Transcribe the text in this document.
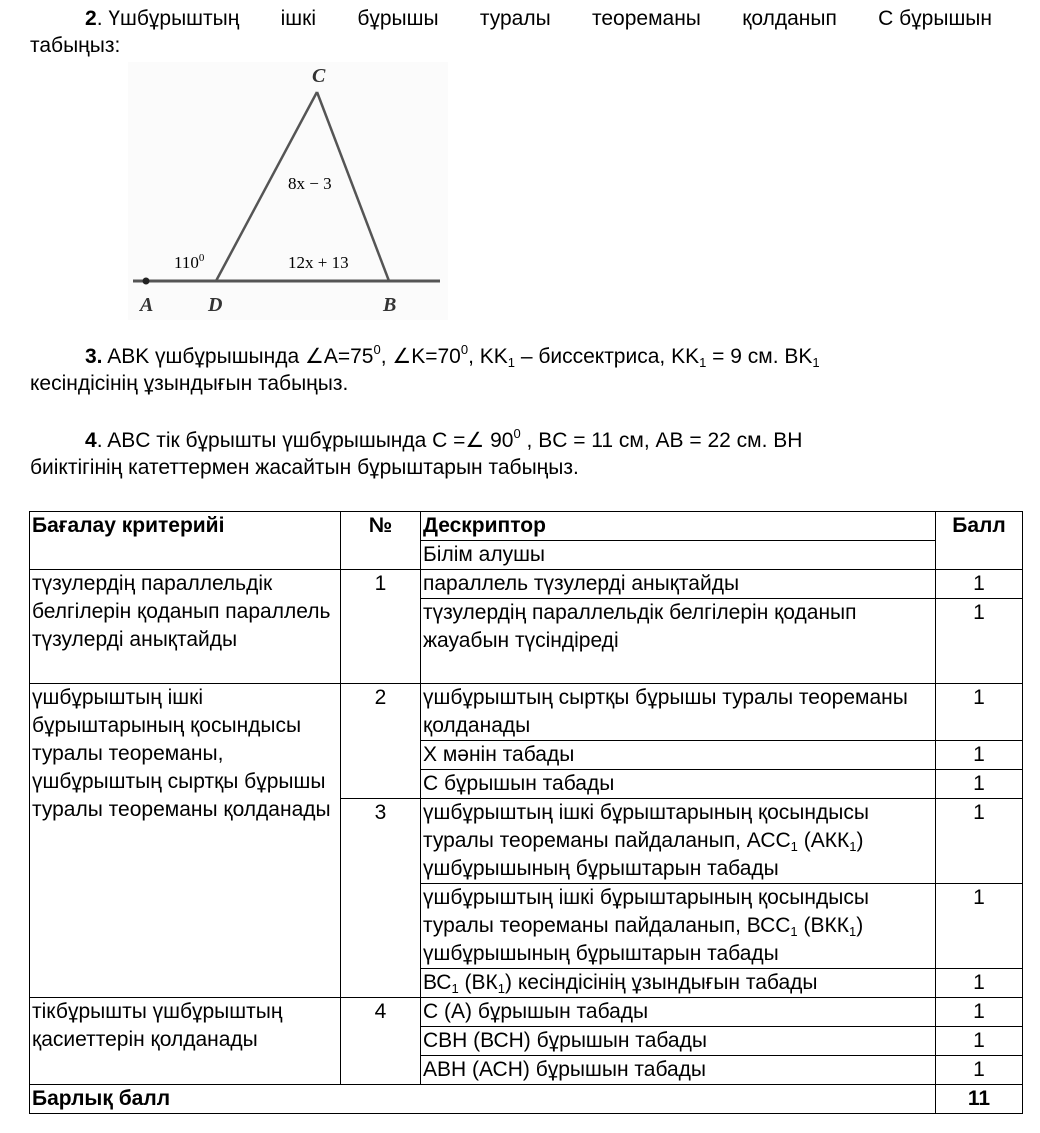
2. Үшбұрыштың ішкі бұрышы туралы теореманы қолданып C бұрышын
табыңыз:
C
A	D	B
8x − 3
12x + 13
$110^0$
3. ABK үшбұрышында $\angle A=75^0$, $\angle K=70^0$, $KK_1$ – биссектриса, $KK_1 = 9$ см. $BK_1$
кесіндісінің ұзындығын табыңыз.
4. ABC тік бұрышты үшбұрышында C =∠ $90^0$ , BC = 11 см, AB = 22 см. BH
биіктігінің катеттермен жасайтын бұрыштарын табыңыз.
Бағалау критерийі	№	Дескриптор	Балл
		Білім алушы	
түзулердің параллельдік белгілерін қоданып параллель түзулерді анықтайды	1	параллель түзулерді анықтайды	1
		түзулердің параллельдік белгілерін қоданып жауабын түсіндіреді	1
үшбұрыштың ішкі бұрыштарының қосындысы туралы теореманы, үшбұрыштың сыртқы бұрышы туралы теореманы қолданады	2	үшбұрыштың сыртқы бұрышы туралы теореманы қолданады	1
		Х мәнін табады	1
		С бұрышын табады	1
	3	үшбұрыштың ішкі бұрыштарының қосындысы туралы теореманы пайдаланып, $АСС_1$ $(АКК_1)$ үшбұрышының бұрыштарын табады	1
		үшбұрыштың ішкі бұрыштарының қосындысы туралы теореманы пайдаланып, $ВСС_1$ $(ВКК_1)$ үшбұрышының бұрыштарын табады	1
		$ВС_1$ $(ВК_1)$ кесіндісінің ұзындығын табады	1
тікбұрышты үшбұрыштың қасиеттерін қолданады	4	С (А) бұрышын табады	1
		СВН (ВСН) бұрышын табады	1
		АВН (АСН) бұрышын табады	1
Барлық балл			11
